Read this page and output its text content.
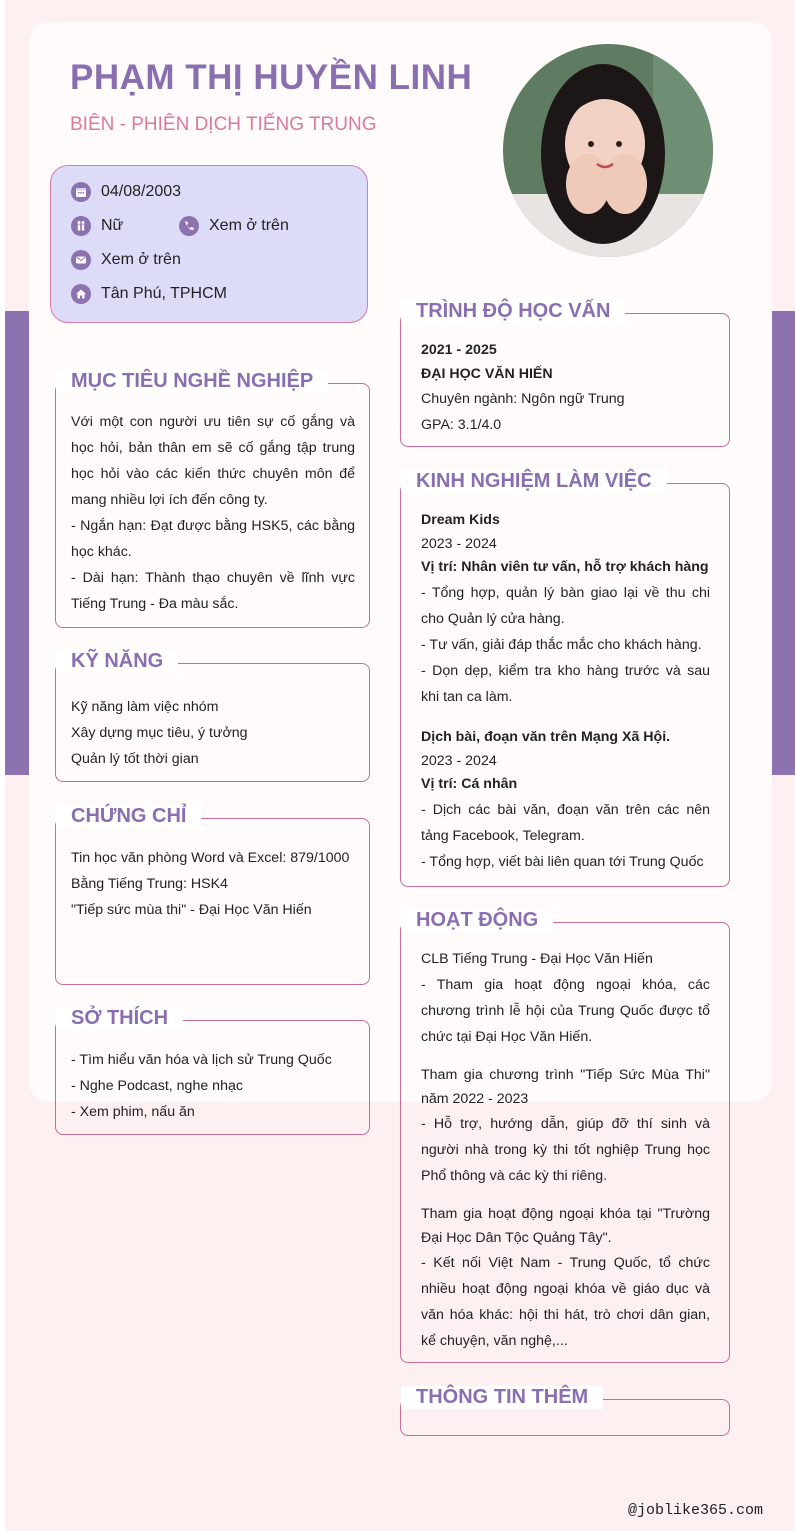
PHẠM THỊ HUYỀN LINH
BIÊN - PHIÊN DỊCH TIẾNG TRUNG
04/08/2003
Nữ	Xem ở trên
Xem ở trên
Tân Phú, TPHCM
MỤC TIÊU NGHỀ NGHIỆP
Với một con người ưu tiên sự cố gắng và học hỏi, bản thân em sẽ cố gắng tập trung học hỏi vào các kiến thức chuyên môn để mang nhiều lợi ích đến công ty.
- Ngắn hạn: Đạt được bằng HSK5, các bằng học khác.
- Dài hạn: Thành thạo chuyên về lĩnh vực Tiếng Trung - Đa màu sắc.
KỸ NĂNG
Kỹ năng làm việc nhóm
Xây dựng mục tiêu, ý tưởng
Quản lý tốt thời gian
CHỨNG CHỈ
Tin học văn phòng Word và Excel: 879/1000
Bằng Tiếng Trung: HSK4
"Tiếp sức mùa thi" - Đại Học Văn Hiến
SỞ THÍCH
- Tìm hiểu văn hóa và lịch sử Trung Quốc
- Nghe Podcast, nghe nhạc
- Xem phim, nấu ăn
TRÌNH ĐỘ HỌC VẤN
2021 - 2025
ĐẠI HỌC VĂN HIẾN
Chuyên ngành: Ngôn ngữ Trung
GPA: 3.1/4.0
KINH NGHIỆM LÀM VIỆC
Dream Kids
2023 - 2024
Vị trí: Nhân viên tư vấn, hỗ trợ khách hàng
- Tổng hợp, quản lý bàn giao lại về thu chi cho Quản lý cửa hàng.
- Tư vấn, giải đáp thắc mắc cho khách hàng.
- Dọn dẹp, kiểm tra kho hàng trước và sau khi tan ca làm.
Dịch bài, đoạn văn trên Mạng Xã Hội.
2023 - 2024
Vị trí: Cá nhân
- Dịch các bài văn, đoạn văn trên các nên tảng Facebook, Telegram.
- Tổng hợp, viết bài liên quan tới Trung Quốc
HOẠT ĐỘNG
CLB Tiếng Trung - Đại Học Văn Hiến
- Tham gia hoạt động ngoại khóa, các chương trình lễ hội của Trung Quốc được tổ chức tại Đại Học Văn Hiến.
Tham gia chương trình "Tiếp Sức Mùa Thi" năm 2022 - 2023
- Hỗ trợ, hướng dẫn, giúp đỡ thí sinh và người nhà trong kỳ thi tốt nghiệp Trung học Phổ thông và các kỳ thi riêng.
Tham gia hoạt động ngoại khóa tại "Trường Đại Học Dân Tộc Quảng Tây".
- Kết nối Việt Nam - Trung Quốc, tổ chức nhiều hoạt động ngoại khóa về giáo dục và văn hóa khác: hội thi hát, trò chơi dân gian, kể chuyện, văn nghệ,...
THÔNG TIN THÊM
@joblike365.com
